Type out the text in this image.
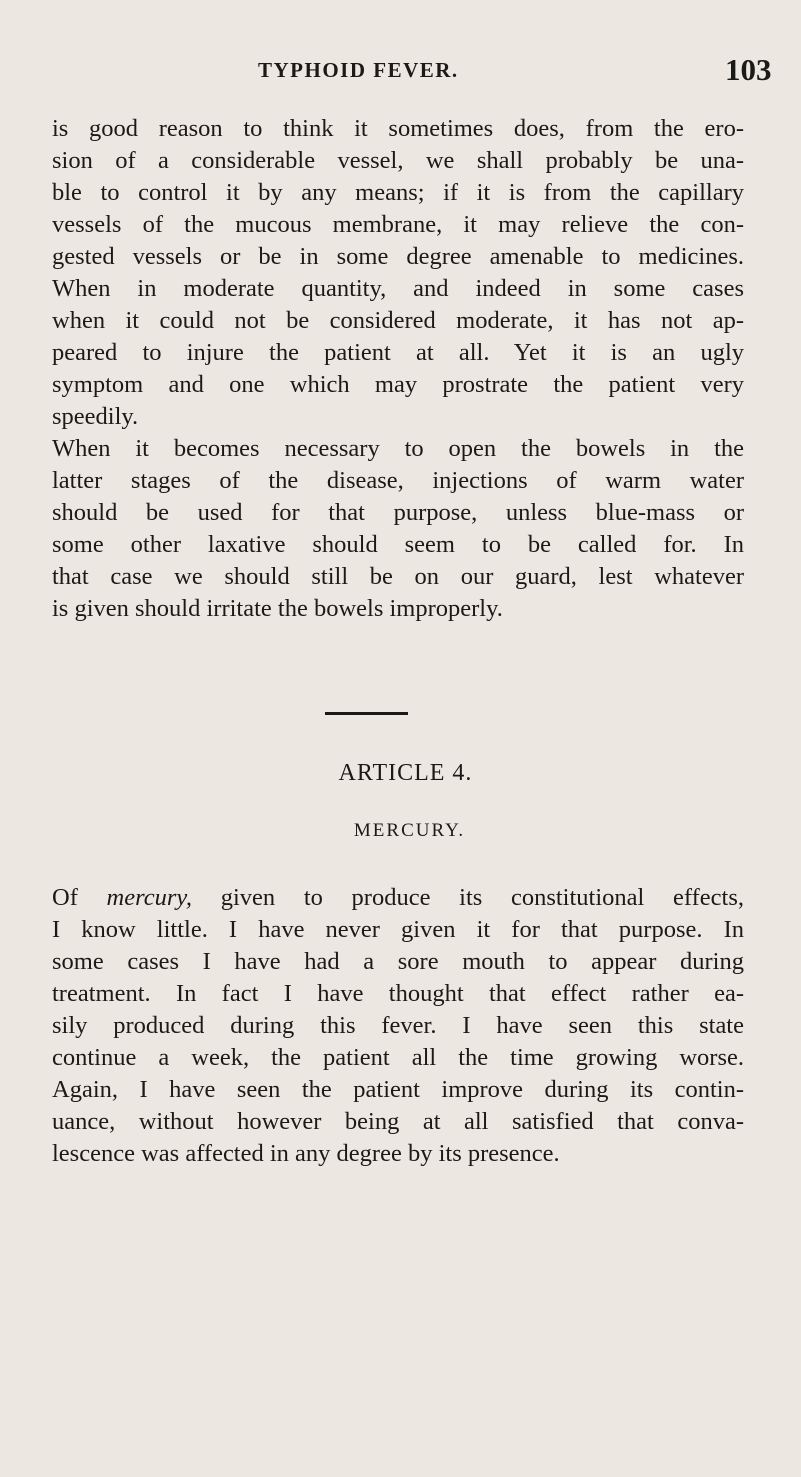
TYPHOID FEVER.	103
is good reason to think it sometimes does, from the ero-
sion of a considerable vessel, we shall probably be una-
ble to control it by any means; if it is from the capillary
vessels of the mucous membrane, it may relieve the con-
gested vessels or be in some degree amenable to medicines.
When in moderate quantity, and indeed in some cases
when it could not be considered moderate, it has not ap-
peared to injure the patient at all. Yet it is an ugly
symptom and one which may prostrate the patient very
speedily.
When it becomes necessary to open the bowels in the
latter stages of the disease, injections of warm water
should be used for that purpose, unless blue-mass or
some other laxative should seem to be called for. In
that case we should still be on our guard, lest whatever
is given should irritate the bowels improperly.
ARTICLE 4.
MERCURY.
Of mercury, given to produce its constitutional effects,
I know little. I have never given it for that purpose. In
some cases I have had a sore mouth to appear during
treatment. In fact I have thought that effect rather ea-
sily produced during this fever. I have seen this state
continue a week, the patient all the time growing worse.
Again, I have seen the patient improve during its contin-
uance, without however being at all satisfied that conva-
lescence was affected in any degree by its presence.
